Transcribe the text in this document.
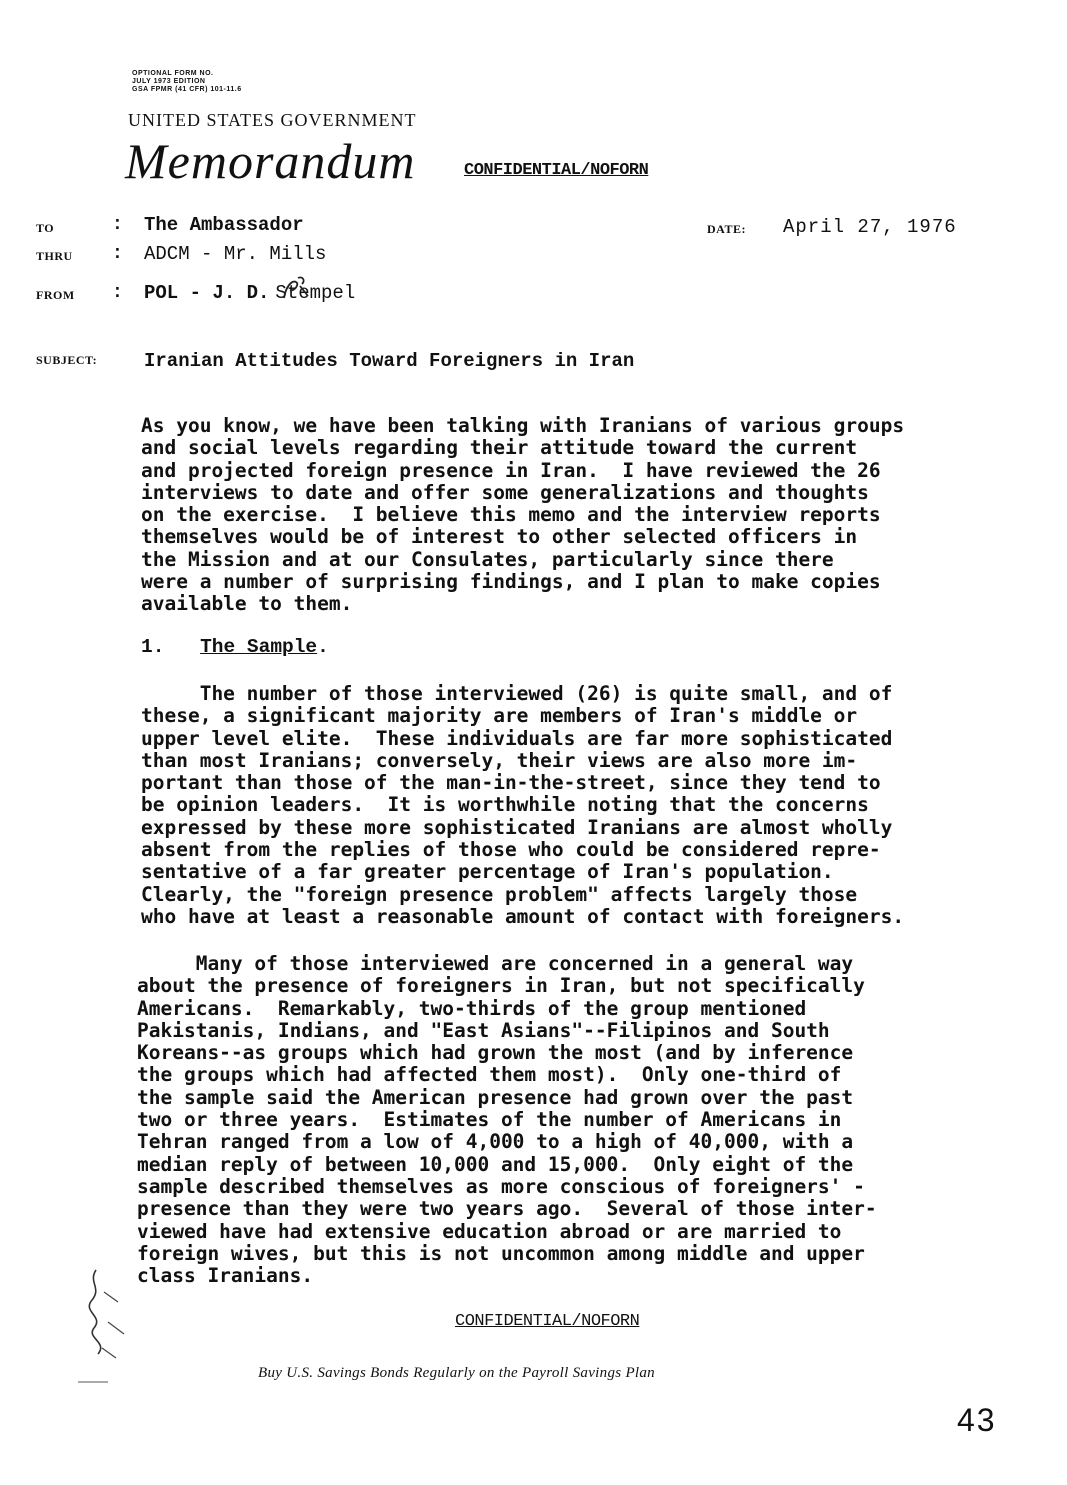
OPTIONAL FORM NO.
JULY 1973 EDITION
GSA FPMR (41 CFR) 101-11.6
UNITED STATES GOVERNMENT
Memorandum	CONFIDENTIAL/NOFORN
TO	: The Ambassador
THRU : ADCM - Mr. Mills
FROM : POL - J. D. Stempel
DATE: April 27, 1976
SUBJECT: Iranian Attitudes Toward Foreigners in Iran
As you know, we have been talking with Iranians of various groups
and social levels regarding their attitude toward the current
and projected foreign presence in Iran.  I have reviewed the 26
interviews to date and offer some generalizations and thoughts
on the exercise.  I believe this memo and the interview reports
themselves would be of interest to other selected officers in
the Mission and at our Consulates, particularly since there
were a number of surprising findings, and I plan to make copies
available to them.
1. The Sample.
The number of those interviewed (26) is quite small, and of
these, a significant majority are members of Iran's middle or
upper level elite.  These individuals are far more sophisticated
than most Iranians; conversely, their views are also more im-
portant than those of the man-in-the-street, since they tend to
be opinion leaders.  It is worthwhile noting that the concerns
expressed by these more sophisticated Iranians are almost wholly
absent from the replies of those who could be considered repre-
sentative of a far greater percentage of Iran's population.
Clearly, the "foreign presence problem" affects largely those
who have at least a reasonable amount of contact with foreigners.
Many of those interviewed are concerned in a general way
about the presence of foreigners in Iran, but not specifically
Americans.  Remarkably, two-thirds of the group mentioned
Pakistanis, Indians, and "East Asians"--Filipinos and South
Koreans--as groups which had grown the most (and by inference
the groups which had affected them most).  Only one-third of
the sample said the American presence had grown over the past
two or three years.  Estimates of the number of Americans in
Tehran ranged from a low of 4,000 to a high of 40,000, with a
median reply of between 10,000 and 15,000.  Only eight of the
sample described themselves as more conscious of foreigners' -
presence than they were two years ago.  Several of those inter-
viewed have had extensive education abroad or are married to
foreign wives, but this is not uncommon among middle and upper
class Iranians.
CONFIDENTIAL/NOFORN
Buy U.S. Savings Bonds Regularly on the Payroll Savings Plan
43
